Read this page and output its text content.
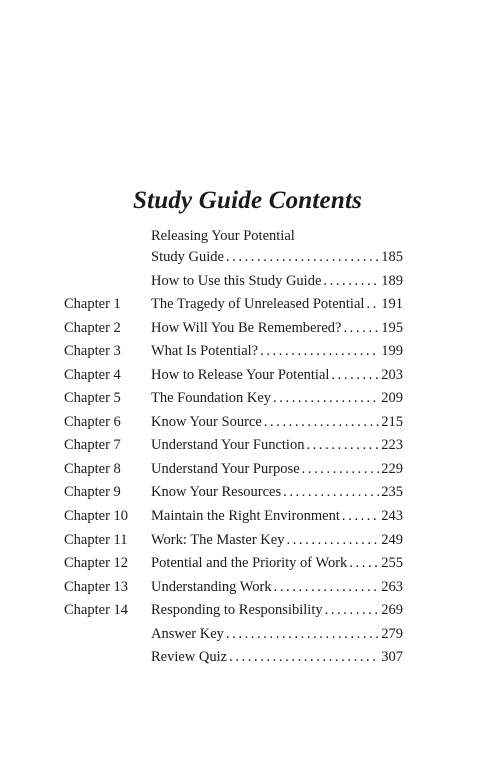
Study Guide Contents
Releasing Your Potential
Study Guide .....	185
How to Use this Study Guide .....	189
Chapter 1 The Tragedy of Unreleased Potential ..... 191
Chapter 2 How Will You Be Remembered? .....	195
Chapter 3 What Is Potential? .....	199
Chapter 4 How to Release Your Potential .....	203
Chapter 5 The Foundation Key .....	209
Chapter 6 Know Your Source .....	215
Chapter 7 Understand Your Function .....	223
Chapter 8 Understand Your Purpose .....	229
Chapter 9 Know Your Resources .....	235
Chapter 10 Maintain the Right Environment .....	243
Chapter 11 Work: The Master Key .....	249
Chapter 12 Potential and the Priority of Work ..... 255
Chapter 13 Understanding Work .....	263
Chapter 14 Responding to Responsibility .....	269
Answer Key .....	279
Review Quiz .....	307
